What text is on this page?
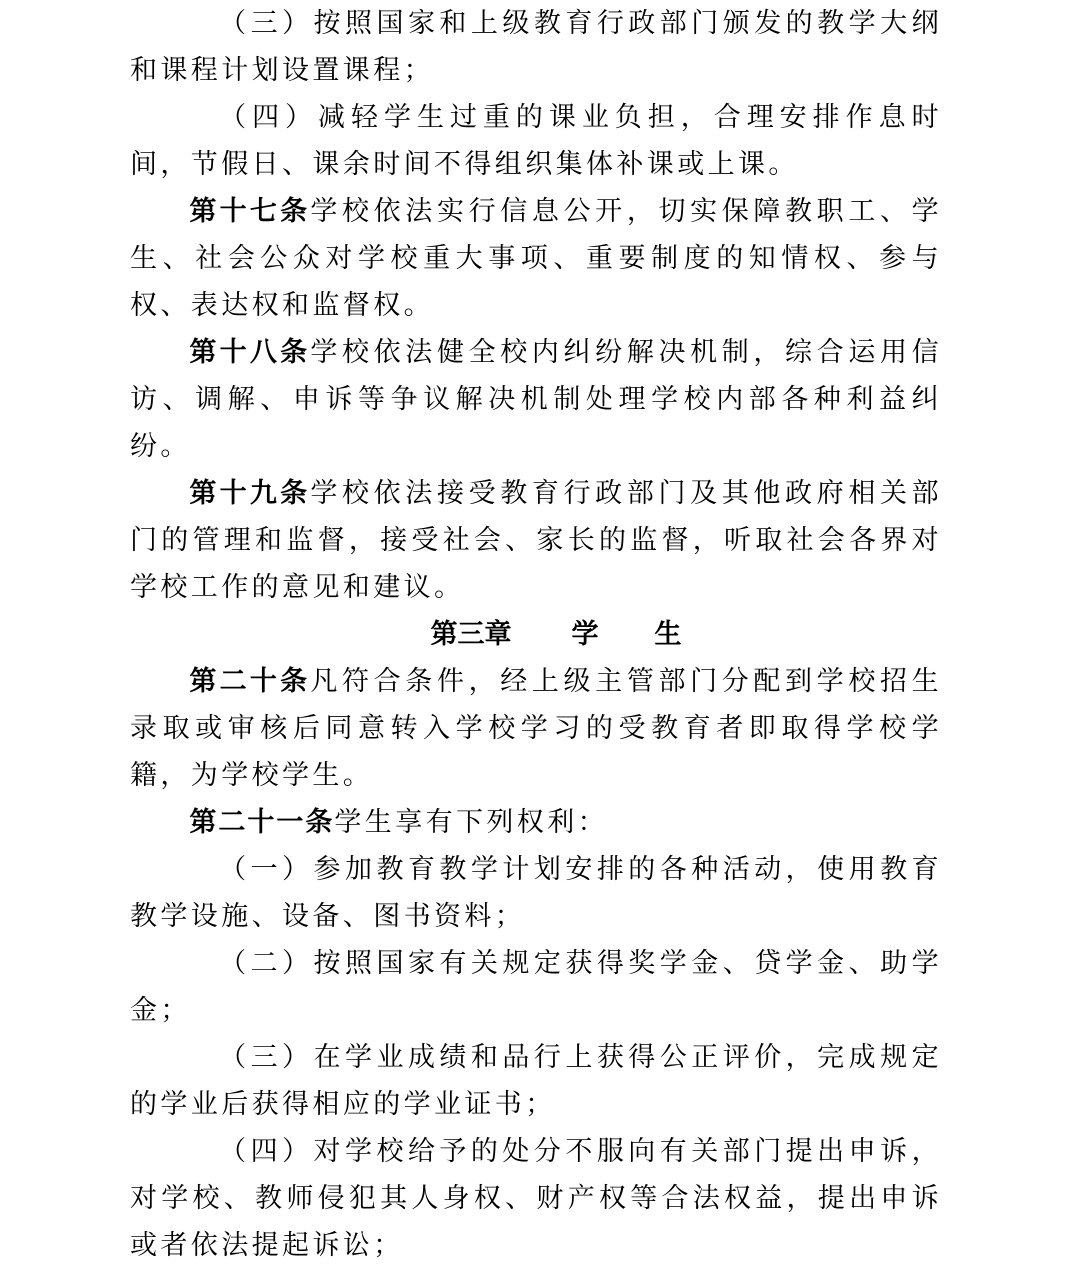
（三）按照国家和上级教育行政部门颁发的教学大纲和课程计划设置课程；

（四）减轻学生过重的课业负担，合理安排作息时间，节假日、课余时间不得组织集体补课或上课。

第十七条学校依法实行信息公开，切实保障教职工、学生、社会公众对学校重大事项、重要制度的知情权、参与权、表达权和监督权。

第十八条学校依法健全校内纠纷解决机制，综合运用信访、调解、申诉等争议解决机制处理学校内部各种利益纠纷。

第十九条学校依法接受教育行政部门及其他政府相关部门的管理和监督，接受社会、家长的监督，听取社会各界对学校工作的意见和建议。

第三章 学 生

第二十条凡符合条件，经上级主管部门分配到学校招生录取或审核后同意转入学校学习的受教育者即取得学校学籍，为学校学生。

第二十一条学生享有下列权利：

（一）参加教育教学计划安排的各种活动，使用教育教学设施、设备、图书资料；

（二）按照国家有关规定获得奖学金、贷学金、助学金；

（三）在学业成绩和品行上获得公正评价，完成规定的学业后获得相应的学业证书；

（四）对学校给予的处分不服向有关部门提出申诉，对学校、教师侵犯其人身权、财产权等合法权益，提出申诉或者依法提起诉讼；
